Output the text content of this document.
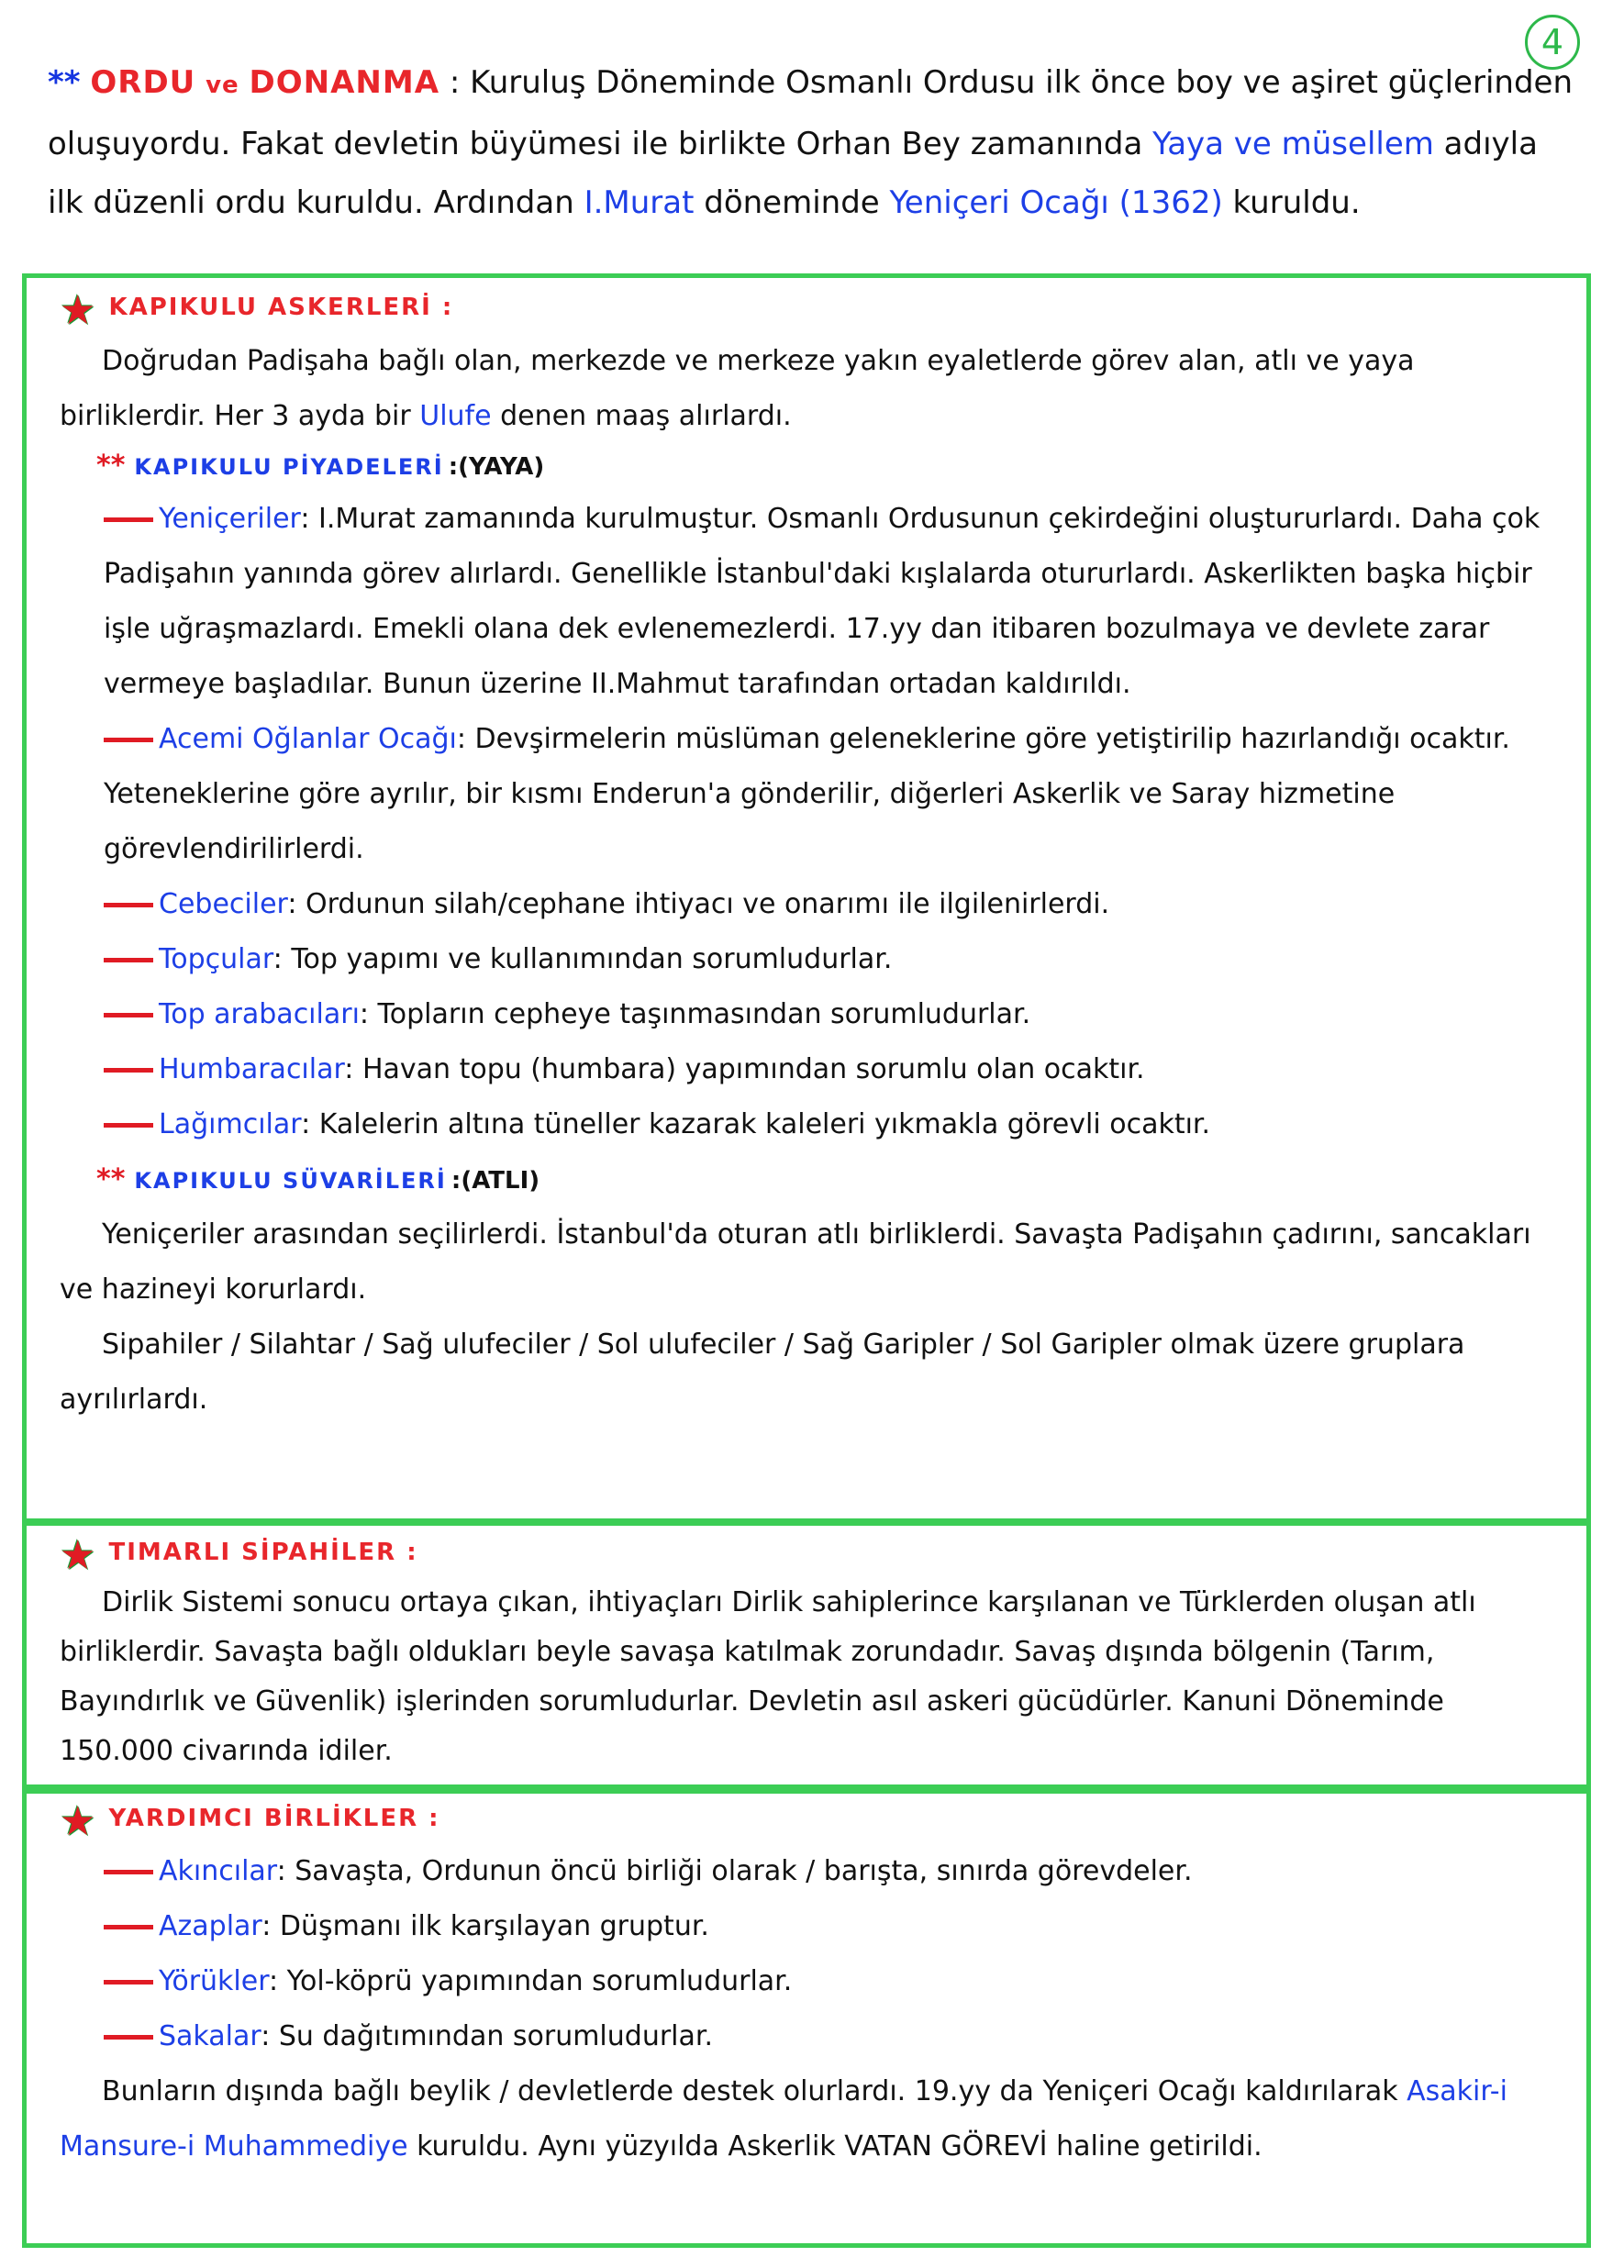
4
** ORDU ve DONANMA : Kuruluş Döneminde Osmanlı Ordusu ilk önce boy ve aşiret güçlerinden oluşuyordu. Fakat devletin büyümesi ile birlikte Orhan Bey zamanında Yaya ve müsellem adıyla ilk düzenli ordu kuruldu. Ardından I.Murat döneminde Yeniçeri Ocağı (1362) kuruldu.
★ KAPIKULU ASKERLERİ :

Doğrudan Padişaha bağlı olan, merkezde ve merkeze yakın eyaletlerde görev alan, atlı ve yaya birliklerdir. Her 3 ayda bir Ulufe denen maaş alırlardı.

** KAPIKULU PİYADELERİ :(YAYA)

Yeniçeriler: I.Murat zamanında kurulmuştur. Osmanlı Ordusunun çekirdeğini oluştururlardı. Daha çok Padişahın yanında görev alırlardı. Genellikle İstanbul'daki kışlalarda otururlardı. Askerlikten başka hiçbir işle uğraşmazlardı. Emekli olana dek evlenemezlerdi. 17.yy dan itibaren bozulmaya ve devlete zarar vermeye başladılar. Bunun üzerine II.Mahmut tarafından ortadan kaldırıldı.

Acemi Oğlanlar Ocağı: Devşirmelerin müslüman geleneklerine göre yetiştirilip hazırlandığı ocaktır. Yeteneklerine göre ayrılır, bir kısmı Enderun'a gönderilir, diğerleri Askerlik ve Saray hizmetine görevlendirilirlerdi.

Cebeciler: Ordunun silah/cephane ihtiyacı ve onarımı ile ilgilenirlerdi.

Topçular: Top yapımı ve kullanımından sorumludurlar.

Top arabacıları: Topların cepheye taşınmasından sorumludurlar.

Humbaracılar: Havan topu (humbara) yapımından sorumlu olan ocaktır.

Lağımcılar: Kalelerin altına tüneller kazarak kaleleri yıkmakla görevli ocaktır.

** KAPIKULU SÜVARİLERİ :(ATLI)

Yeniçeriler arasından seçilirlerdi. İstanbul'da oturan atlı birliklerdi. Savaşta Padişahın çadırını, sancakları ve hazineyi korurlardı.

Sipahiler / Silahtar / Sağ ulufeciler / Sol ulufeciler / Sağ Garipler / Sol Garipler olmak üzere gruplara ayrılırlardı.

★ TIMARLI SİPAHİLER :

Dirlik Sistemi sonucu ortaya çıkan, ihtiyaçları Dirlik sahiplerince karşılanan ve Türklerden oluşan atlı birliklerdir. Savaşta bağlı oldukları beyle savaşa katılmak zorundadır. Savaş dışında bölgenin (Tarım, Bayındırlık ve Güvenlik) işlerinden sorumludurlar. Devletin asıl askeri gücüdürler. Kanuni Döneminde 150.000 civarında idiler.

★ YARDIMCI BİRLİKLER :

Akıncılar: Savaşta, Ordunun öncü birliği olarak / barışta, sınırda görevdeler.

Azaplar: Düşmanı ilk karşılayan gruptur.

Yörükler: Yol-köprü yapımından sorumludurlar.

Sakalar: Su dağıtımından sorumludurlar.

Bunların dışında bağlı beylik / devletlerde destek olurlardı. 19.yy da Yeniçeri Ocağı kaldırılarak Asakir-i Mansure-i Muhammediye kuruldu. Aynı yüzyılda Askerlik VATAN GÖREVİ haline getirildi.
